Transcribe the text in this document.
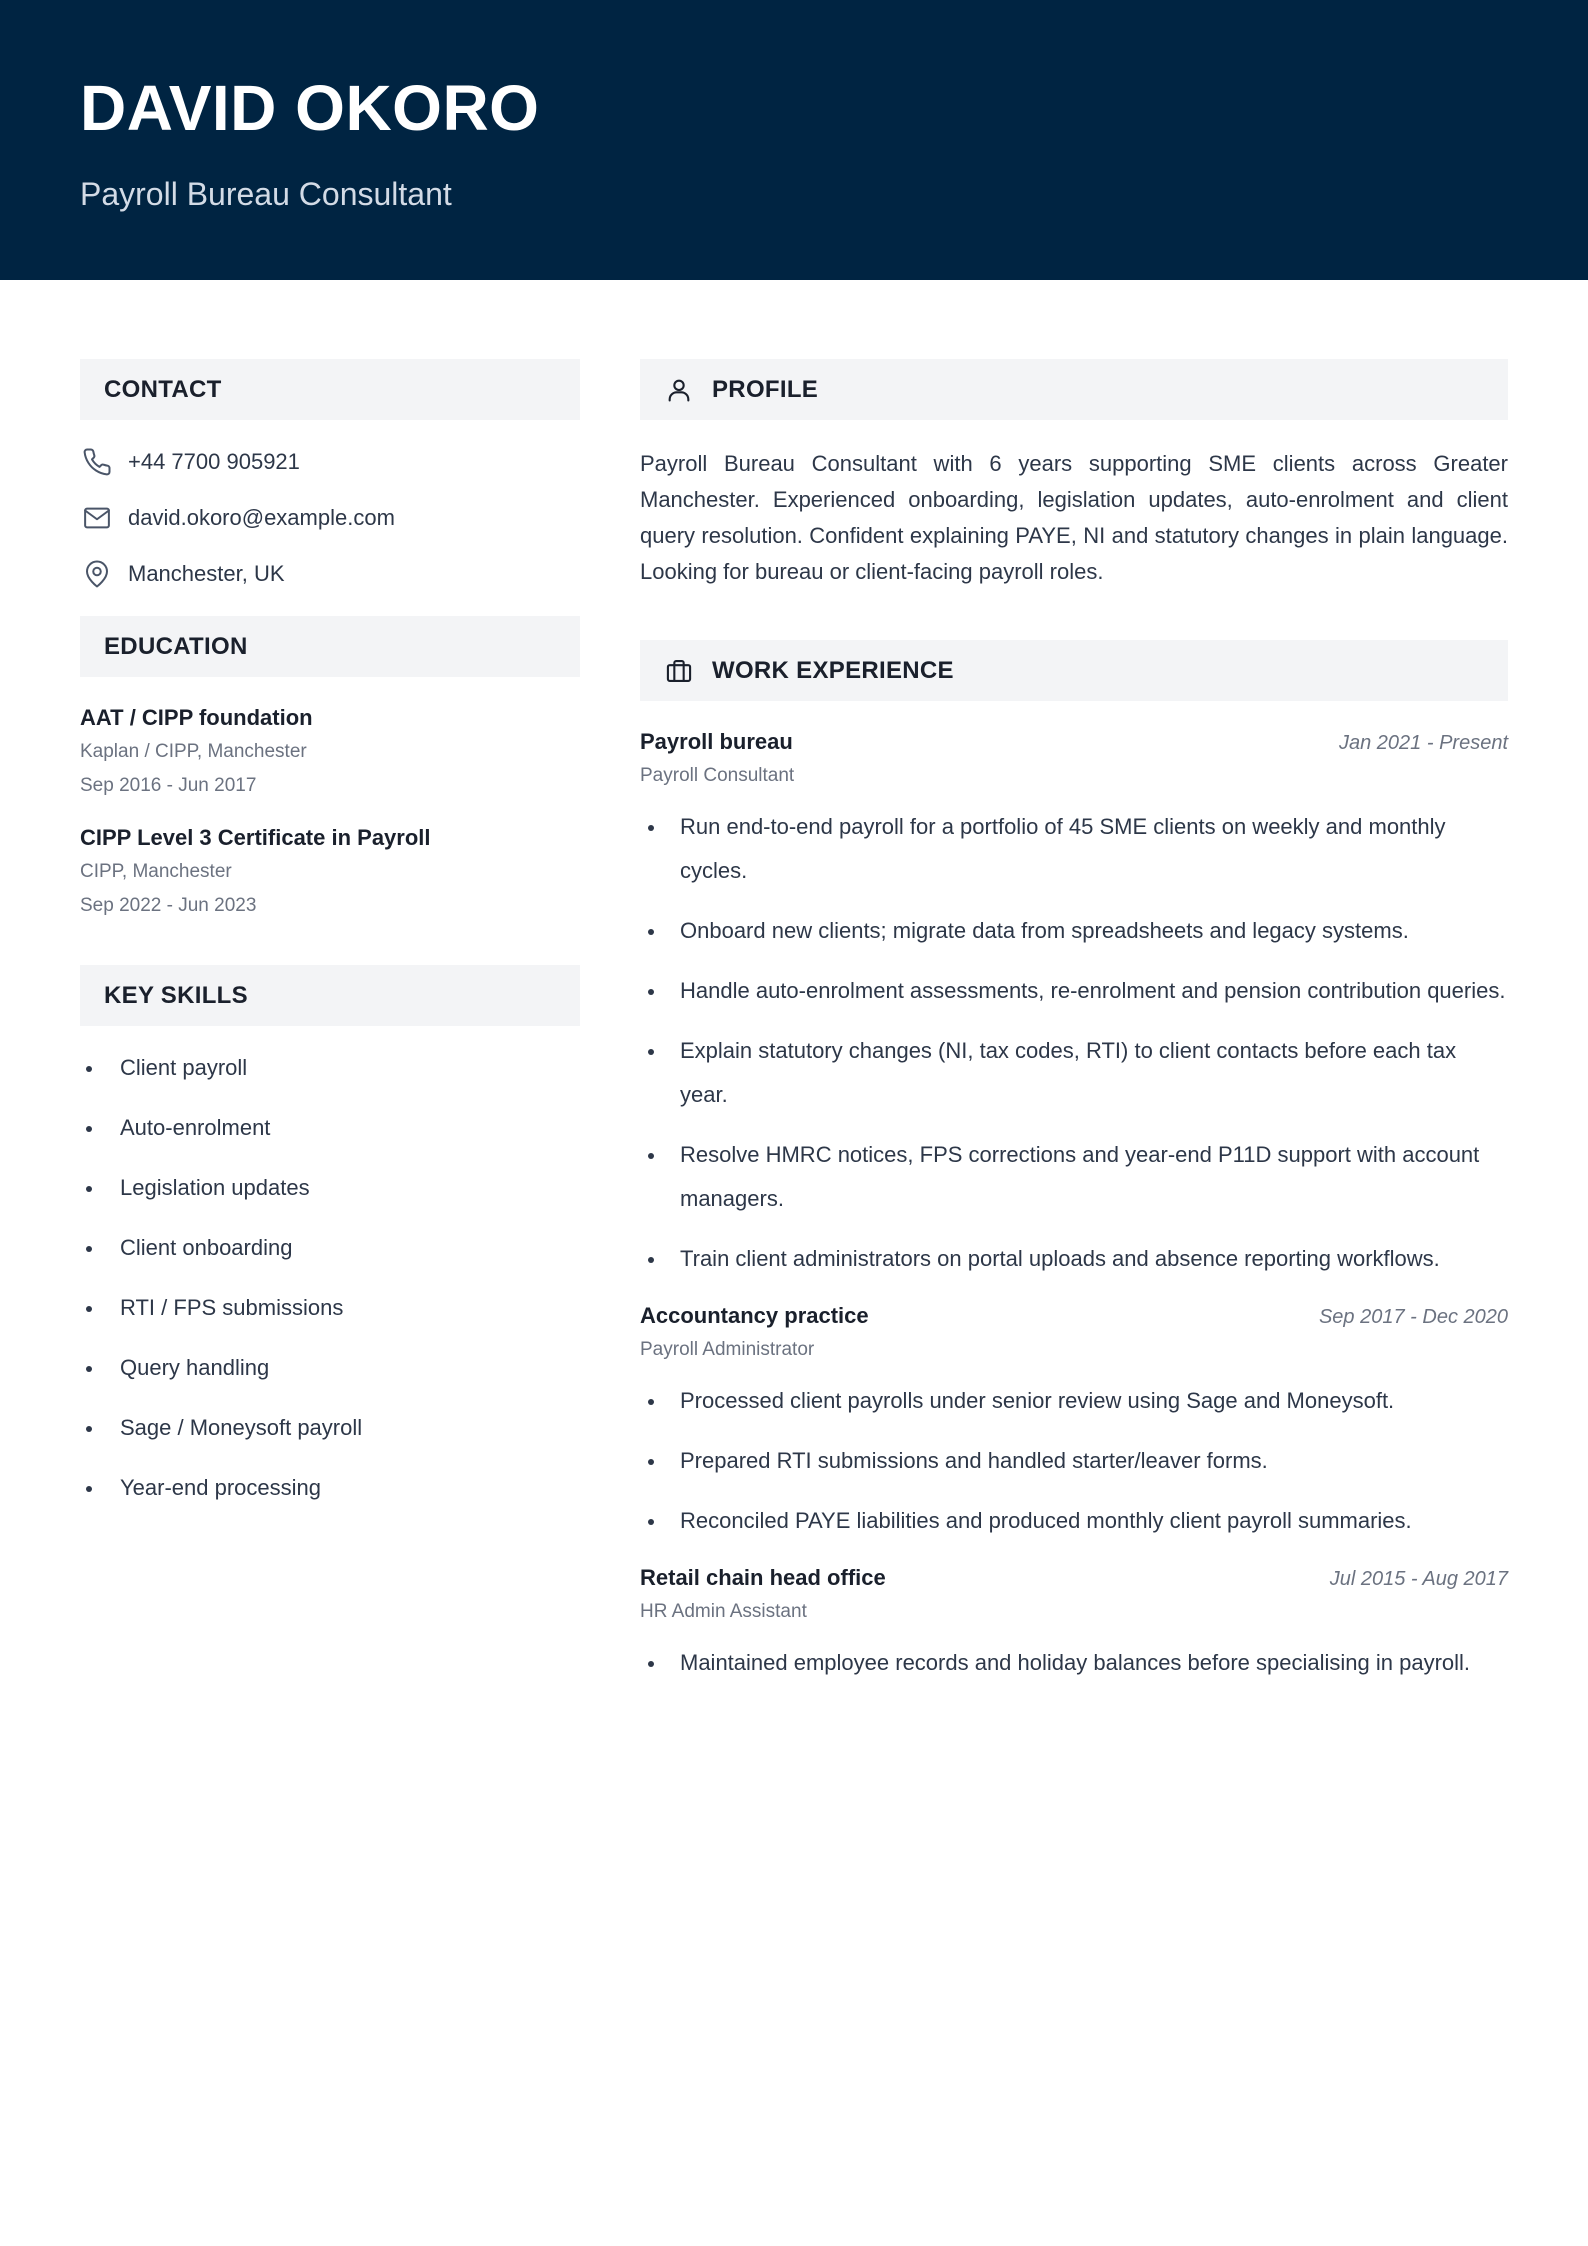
DAVID OKORO
Payroll Bureau Consultant
CONTACT
+44 7700 905921
david.okoro@example.com
Manchester, UK
EDUCATION
AAT / CIPP foundation
Kaplan / CIPP, Manchester
Sep 2016 - Jun 2017
CIPP Level 3 Certificate in Payroll
CIPP, Manchester
Sep 2022 - Jun 2023
KEY SKILLS
Client payroll
Auto-enrolment
Legislation updates
Client onboarding
RTI / FPS submissions
Query handling
Sage / Moneysoft payroll
Year-end processing
PROFILE

Payroll Bureau Consultant with 6 years supporting SME clients across Greater Manchester. Experienced onboarding, legislation updates, auto-enrolment and client query resolution. Confident explaining PAYE, NI and statutory changes in plain language. Looking for bureau or client-facing payroll roles.

WORK EXPERIENCE
Payroll bureau	Jan 2021 - Present
Payroll Consultant
Run end-to-end payroll for a portfolio of 45 SME clients on weekly and monthly cycles.
Onboard new clients; migrate data from spreadsheets and legacy systems.
Handle auto-enrolment assessments, re-enrolment and pension contribution queries.
Explain statutory changes (NI, tax codes, RTI) to client contacts before each tax year.
Resolve HMRC notices, FPS corrections and year-end P11D support with account managers.
Train client administrators on portal uploads and absence reporting workflows.
Accountancy practice	Sep 2017 - Dec 2020
Payroll Administrator
Processed client payrolls under senior review using Sage and Moneysoft.
Prepared RTI submissions and handled starter/leaver forms.
Reconciled PAYE liabilities and produced monthly client payroll summaries.
Retail chain head office	Jul 2015 - Aug 2017
HR Admin Assistant
Maintained employee records and holiday balances before specialising in payroll.
